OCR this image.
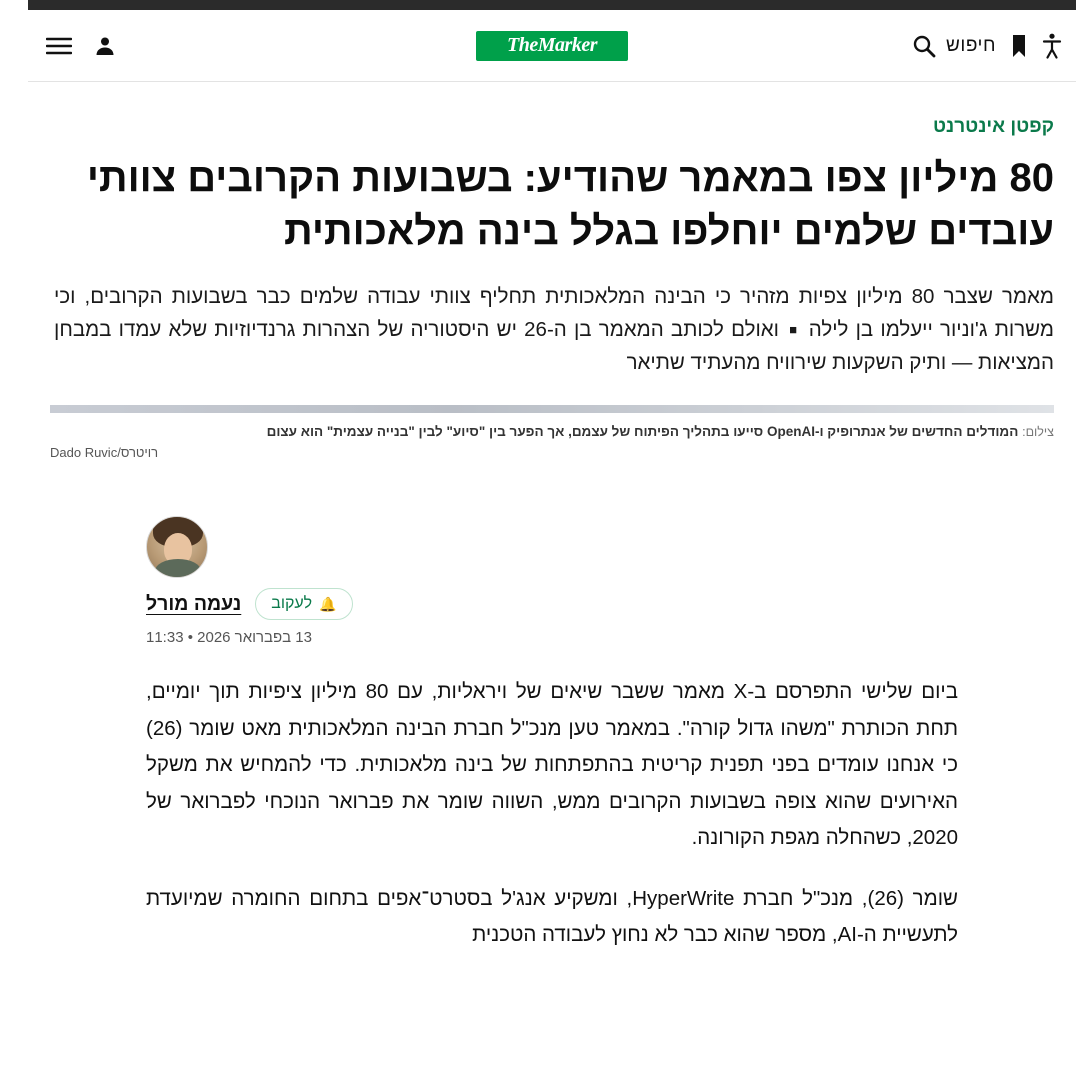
חיפוש
TheMarker
קפטן אינטרנט
80 מיליון צפו במאמר שהודיע: בשבועות הקרובים צוותי עובדים שלמים יוחלפו בגלל בינה מלאכותית
מאמר שצבר 80 מיליון צפיות מזהיר כי הבינה המלאכותית תחליף צוותי עבודה שלמים כבר בשבועות הקרובים, וכי משרות ג'וניור ייעלמו בן לילה ■ ואולם לכותב המאמר בן ה-26 יש היסטוריה של הצהרות גרנדיוזיות שלא עמדו במבחן המציאות — ותיק השקעות שירוויח מהעתיד שתיאר
צילום: המודלים החדשים של אנתרופיק ו-OpenAI סייעו בתהליך הפיתוח של עצמם, אך הפער בין "סיוע" לבין "בנייה עצמית" הוא עצום
Dado Ruvic/רויטרס
🔔
לעקוב
נעמה מורל
13 בפברואר 2026 • 11:33

ביום שלישי התפרסם ב-X מאמר ששבר שיאים של ויראליות, עם 80 מיליון ציפיות תוך יומיים, תחת הכותרת "משהו גדול קורה". במאמר טען מנכ"ל חברת הבינה המלאכותית מאט שומר (26) כי אנחנו עומדים בפני תפנית קריטית בהתפתחות של בינה מלאכותית. כדי להמחיש את משקל האירועים שהוא צופה בשבועות הקרובים ממש, השווה שומר את פברואר הנוכחי לפברואר של 2020, כשהחלה מגפת הקורונה.

שומר (26), מנכ"ל חברת HyperWrite, ומשקיע אנג'ל בסטרט־אפים בתחום החומרה שמיועדת לתעשיית ה-AI, מספר שהוא כבר לא נחוץ לעבודה הטכנית
